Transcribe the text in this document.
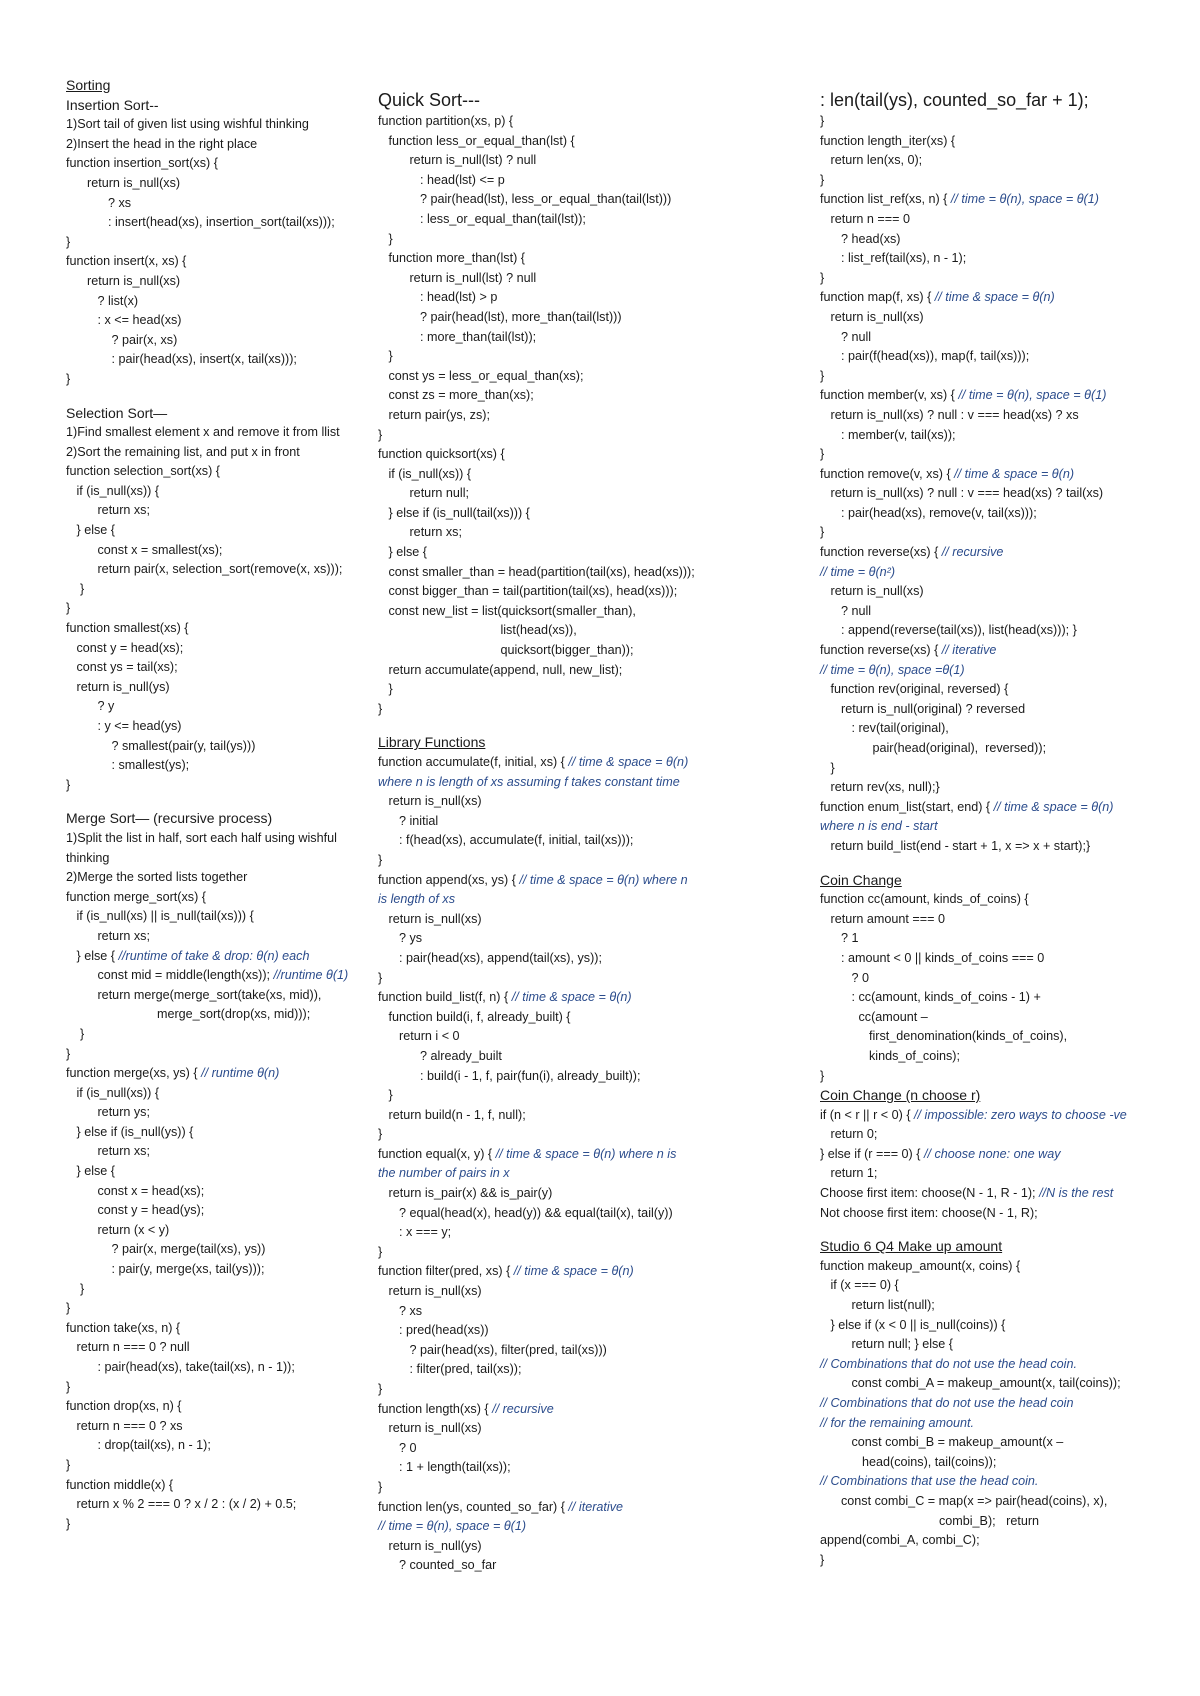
Sorting
Insertion Sort--
1)Sort tail of given list using wishful thinking
2)Insert the head in the right place
function insertion_sort(xs) {
return is_null(xs)
? xs
: insert(head(xs), insertion_sort(tail(xs)));
}
function insert(x, xs) {
return is_null(xs)
? list(x)
: x <= head(xs)
? pair(x, xs)
: pair(head(xs), insert(x, tail(xs)));
}
Selection Sort—
1)Find smallest element x and remove it from llist
2)Sort the remaining list, and put x in front
function selection_sort(xs) {
if (is_null(xs)) {
return xs;
} else {
const x = smallest(xs);
return pair(x, selection_sort(remove(x, xs)));
}
}
function smallest(xs) {
const y = head(xs);
const ys = tail(xs);
return is_null(ys)
? y
: y <= head(ys)
? smallest(pair(y, tail(ys)))
: smallest(ys);
}
Merge Sort— (recursive process)
1)Split the list in half, sort each half using wishful
thinking
2)Merge the sorted lists together
function merge_sort(xs) {
if (is_null(xs) || is_null(tail(xs))) {
return xs;
} else { //runtime of take & drop: θ(n) each
const mid = middle(length(xs)); //runtime θ(1)
return merge(merge_sort(take(xs, mid)),
merge_sort(drop(xs, mid)));
}
}
function merge(xs, ys) { // runtime θ(n)
if (is_null(xs)) {
return ys;
} else if (is_null(ys)) {
return xs;
} else {
const x = head(xs);
const y = head(ys);
return (x < y)
? pair(x, merge(tail(xs), ys))
: pair(y, merge(xs, tail(ys)));
}
}
function take(xs, n) {
return n === 0 ? null
: pair(head(xs), take(tail(xs), n - 1));
}
function drop(xs, n) {
return n === 0 ? xs
: drop(tail(xs), n - 1);
}
function middle(x) {
return x % 2 === 0 ? x / 2 : (x / 2) + 0.5;
}
Quick Sort---
function partition(xs, p) {
function less_or_equal_than(lst) {
return is_null(lst) ? null
: head(lst) <= p
? pair(head(lst), less_or_equal_than(tail(lst)))
: less_or_equal_than(tail(lst));
}
function more_than(lst) {
return is_null(lst) ? null
: head(lst) > p
? pair(head(lst), more_than(tail(lst)))
: more_than(tail(lst));
}
const ys = less_or_equal_than(xs);
const zs = more_than(xs);
return pair(ys, zs);
}
function quicksort(xs) {
if (is_null(xs)) {
return null;
} else if (is_null(tail(xs))) {
return xs;
} else {
const smaller_than = head(partition(tail(xs), head(xs)));
const bigger_than = tail(partition(tail(xs), head(xs)));
const new_list = list(quicksort(smaller_than),
list(head(xs)),
quicksort(bigger_than));
return accumulate(append, null, new_list);
}
}
Library Functions
function accumulate(f, initial, xs) { // time & space = θ(n)
where n is length of xs assuming f takes constant time
return is_null(xs)
? initial
: f(head(xs), accumulate(f, initial, tail(xs)));
}
function append(xs, ys) { // time & space = θ(n) where n
is length of xs
return is_null(xs)
? ys
: pair(head(xs), append(tail(xs), ys));
}
function build_list(f, n) { // time & space = θ(n)
function build(i, f, already_built) {
return i < 0
? already_built
: build(i - 1, f, pair(fun(i), already_built));
}
return build(n - 1, f, null);
}
function equal(x, y) { // time & space = θ(n) where n is
the number of pairs in x
return is_pair(x) && is_pair(y)
? equal(head(x), head(y)) && equal(tail(x), tail(y))
: x === y;
}
function filter(pred, xs) { // time & space = θ(n)
return is_null(xs)
? xs
: pred(head(xs))
? pair(head(xs), filter(pred, tail(xs)))
: filter(pred, tail(xs));
}
function length(xs) { // recursive
return is_null(xs)
? 0
: 1 + length(tail(xs));
}
function len(ys, counted_so_far) { // iterative
// time = θ(n), space = θ(1)
return is_null(ys)
? counted_so_far
: len(tail(ys), counted_so_far + 1);
}
function length_iter(xs) {
return len(xs, 0);
}
function list_ref(xs, n) { // time = θ(n), space = θ(1)
return n === 0
? head(xs)
: list_ref(tail(xs), n - 1);
}
function map(f, xs) { // time & space = θ(n)
return is_null(xs)
? null
: pair(f(head(xs)), map(f, tail(xs)));
}
function member(v, xs) { // time = θ(n), space = θ(1)
return is_null(xs) ? null : v === head(xs) ? xs
: member(v, tail(xs));
}
function remove(v, xs) { // time & space = θ(n)
return is_null(xs) ? null : v === head(xs) ? tail(xs)
: pair(head(xs), remove(v, tail(xs)));
}
function reverse(xs) { // recursive
// time = θ(n²)
return is_null(xs)
? null
: append(reverse(tail(xs)), list(head(xs))); }
function reverse(xs) { // iterative
// time = θ(n), space =θ(1)
function rev(original, reversed) {
return is_null(original) ? reversed
: rev(tail(original),
pair(head(original),  reversed));
}
return rev(xs, null);}
function enum_list(start, end) { // time & space = θ(n)
where n is end - start
return build_list(end - start + 1, x => x + start);}
Coin Change
function cc(amount, kinds_of_coins) {
return amount === 0
? 1
: amount < 0 || kinds_of_coins === 0
? 0
: cc(amount, kinds_of_coins - 1) +
cc(amount –
first_denomination(kinds_of_coins),
kinds_of_coins);
}
Coin Change (n choose r)
if (n < r || r < 0) { // impossible: zero ways to choose -ve
return 0;
} else if (r === 0) { // choose none: one way
return 1;
Choose first item: choose(N - 1, R - 1); //N is the rest
Not choose first item: choose(N - 1, R);
Studio 6 Q4 Make up amount
function makeup_amount(x, coins) {
if (x === 0) {
return list(null);
} else if (x < 0 || is_null(coins)) {
return null; } else {
// Combinations that do not use the head coin.
const combi_A = makeup_amount(x, tail(coins));
// Combinations that do not use the head coin
// for the remaining amount.
const combi_B = makeup_amount(x –
head(coins), tail(coins));
// Combinations that use the head coin.
const combi_C = map(x => pair(head(coins), x),
combi_B);   return
append(combi_A, combi_C);
}
